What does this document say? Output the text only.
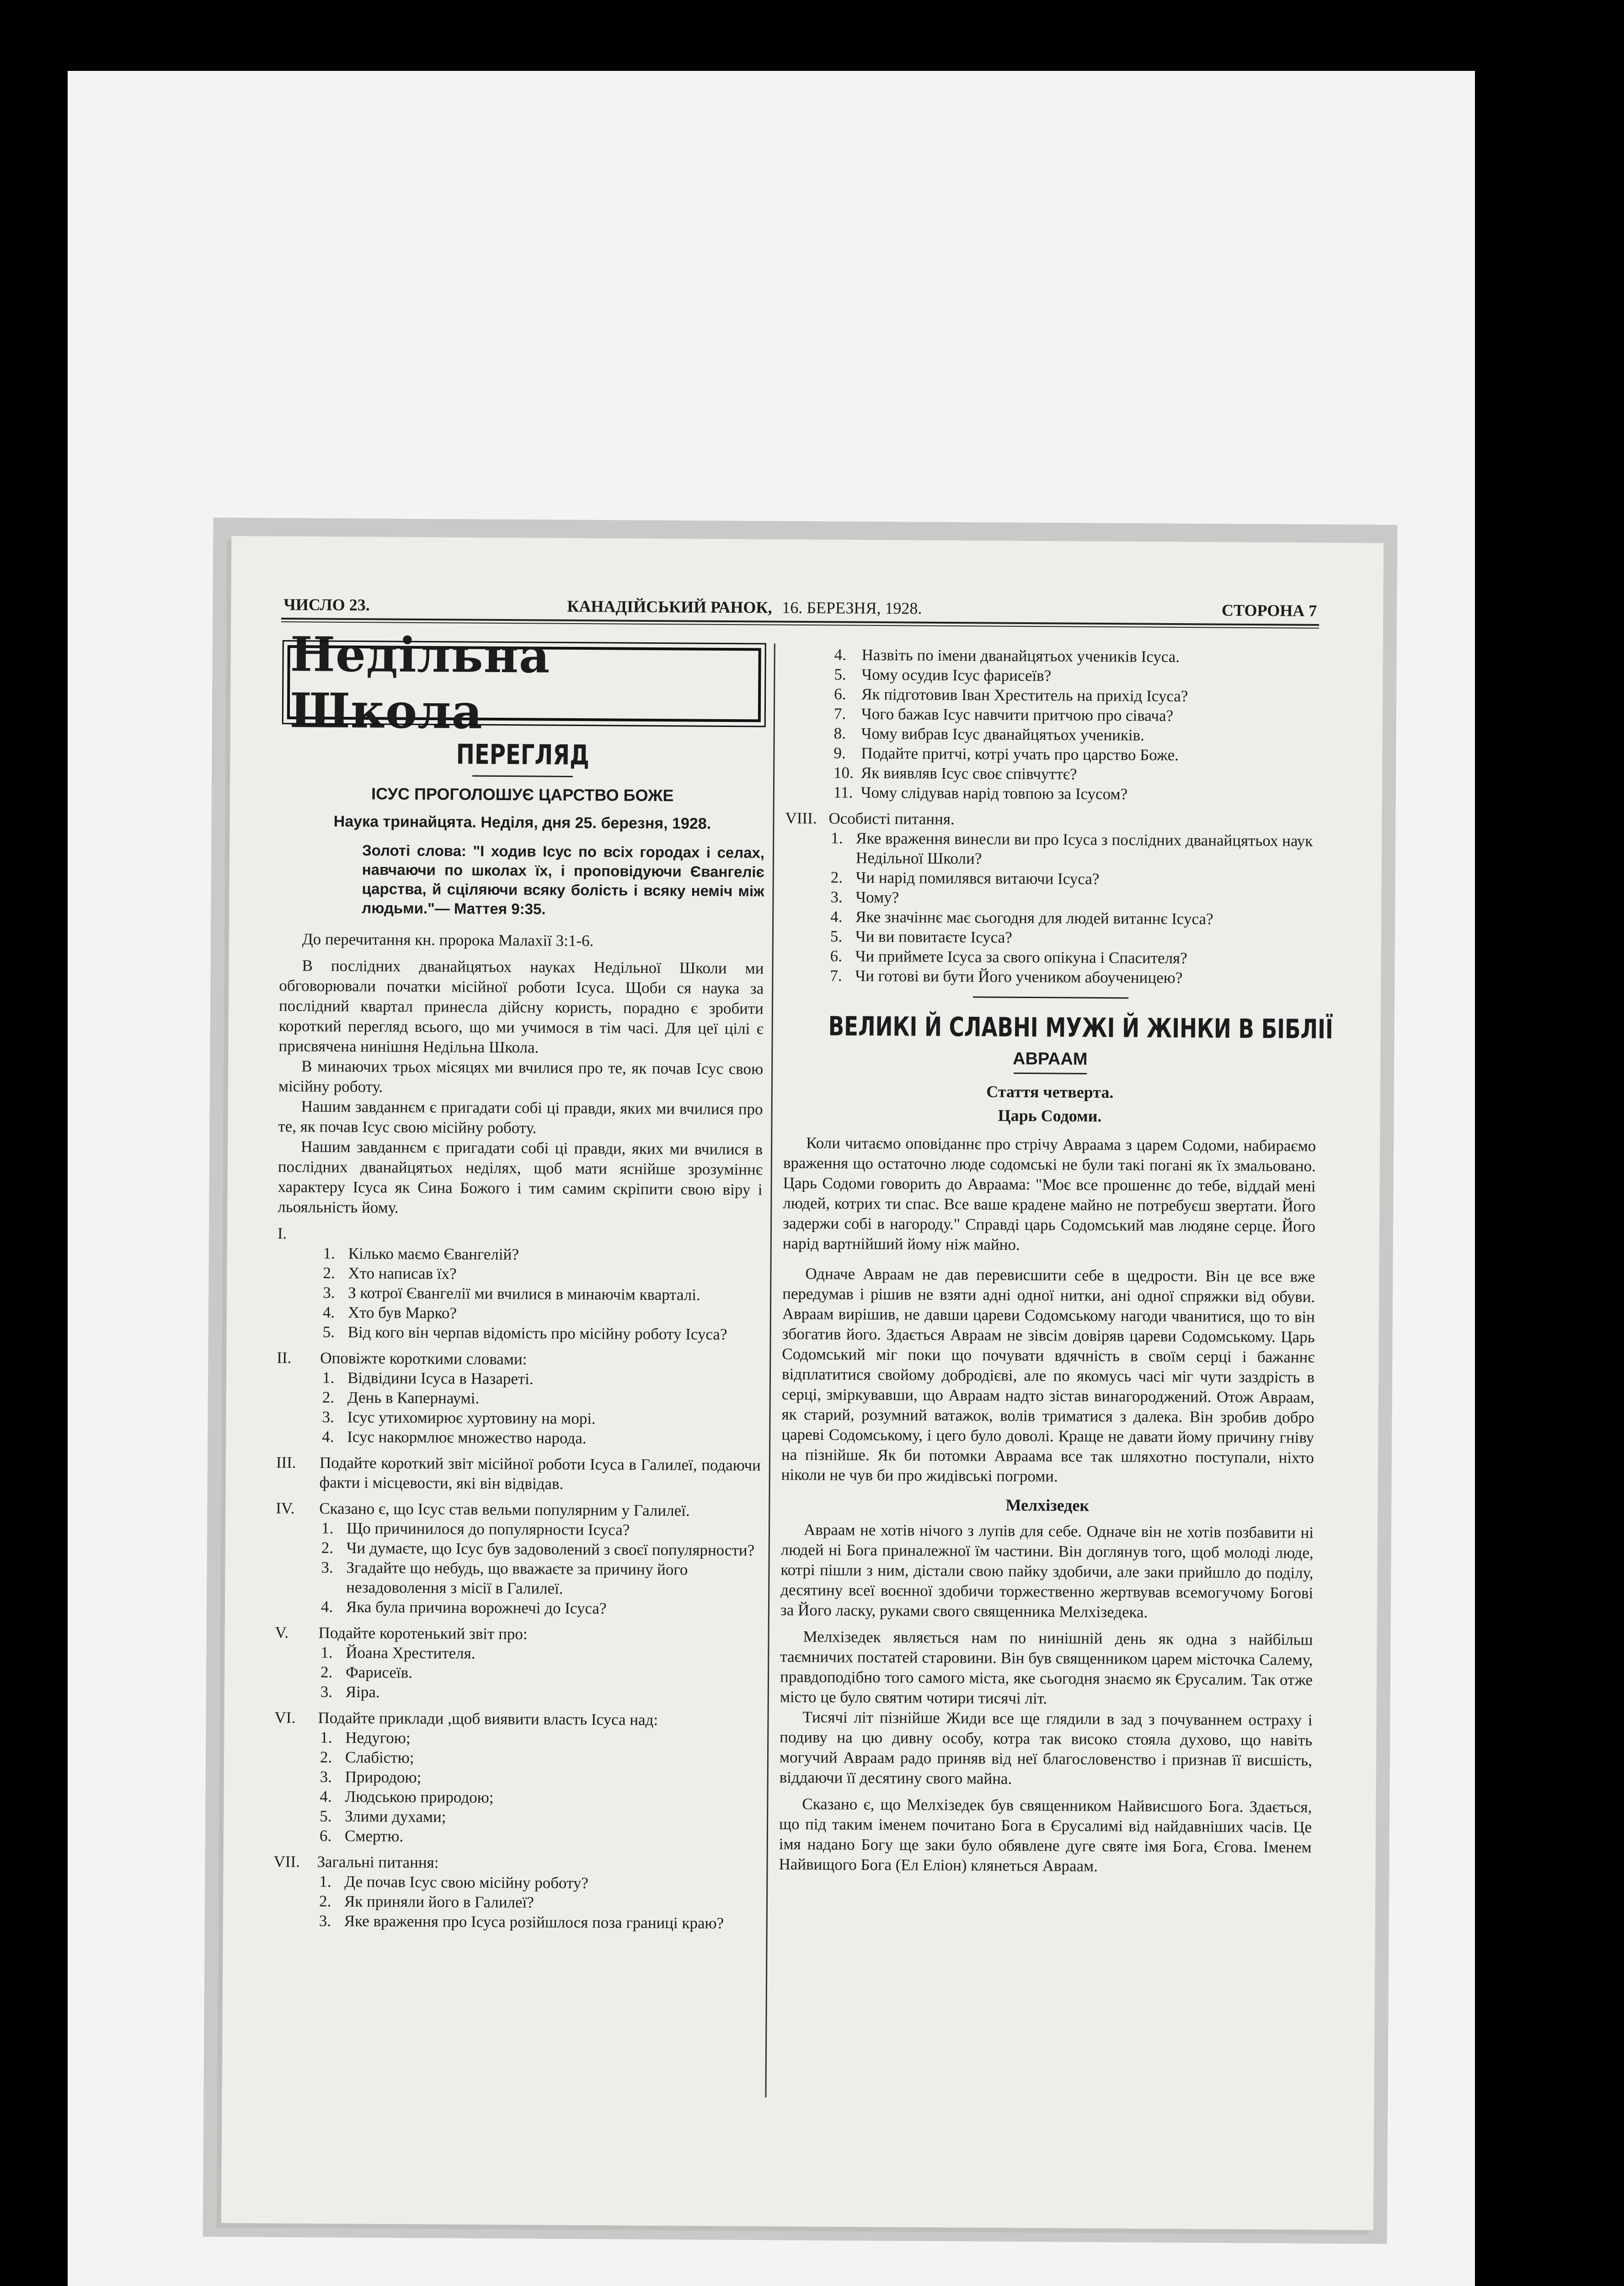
ЧИСЛО 23.	КАНАДІЙСЬКИЙ РАНОК, 16. БЕРЕЗНЯ, 1928.	СТОРОНА 7
Недільна Школа
ПЕРЕГЛЯД
ІСУС ПРОГОЛОШУЄ ЦАРСТВО БОЖЕ

Наука тринайцята. Неділя, дня 25. березня, 1928.

Золоті слова: "І ходив Ісус по всіх городах і селах, навчаючи по школах їх, і проповідуючи Євангеліє царства, й сціляючи всяку болість і всяку неміч між людьми."— Маттея 9:35.

До перечитання кн. пророка Малахії 3:1-6.

В послідних дванайцятьох науках Недільної Школи ми обговорювали початки місійної роботи Ісуса. Щоби ся наука за послідний квартал принесла дійсну користь, порадно є зробити короткий перегляд всього, що ми учимося в тім часі. Для цеї цілі є присвячена нинішня Недільна Школа.

В минаючих трьох місяцях ми вчилися про те, як почав Ісус свою місійну роботу.

Нашим завданнєм є пригадати собі ці правди, яких ми вчилися про те, як почав Ісус свою місійну роботу.

Нашим завданнєм є пригадати собі ці правди, яких ми вчилися в послідних дванайцятьох неділях, щоб мати яснійше зрозуміннє характеру Ісуса як Сина Божого і тим самим скріпити свою віру і льояльність йому.

I.
1. Кілько маємо Євангелій?
2. Хто написав їх?
3. З котрої Євангелії ми вчилися в минаючім кварталі.
4. Хто був Марко?
5. Від кого він черпав відомість про місійну роботу Ісуса?
II.	Оповіжте короткими словами:
1. Відвідини Ісуса в Назареті.
2. День в Капернаумі.
3. Ісус утихомирює хуртовину на морі.
4. Ісус накормлює множество народа.
III.	Подайте короткий звіт місійної роботи Ісуса в Галилеї, подаючи факти і місцевости, які він відвідав.
IV.	Сказано є, що Ісус став вельми популярним у Галилеї.
1. Що причинилося до популярности Ісуса?
2. Чи думаєте, що Ісус був задоволений з своєї популярности?
3. Згадайте що небудь, що вважаєте за причину його незадоволення з місії в Галилеї.
4. Яка була причина ворожнечі до Ісуса?
V.	Подайте коротенький звіт про:
1. Йоана Хрестителя.
2. Фарисеїв.
3. Яіра.
VI.	Подайте приклади ,щоб виявити власть Ісуса над:
1. Недугою;
2. Слабістю;
3. Природою;
4. Людською природою;
5. Злими духами;
6. Смертю.
VII.	Загальні питання:
1. Де почав Ісус свою місійну роботу?
2. Як приняли його в Галилеї?
3. Яке враження про Ісуса розійшлося поза границі краю?
4. Назвіть по імени дванайцятьох учеників Ісуса.
5. Чому осудив Ісус фарисеїв?
6. Як підготовив Іван Хреститель на прихід Ісуса?
7. Чого бажав Ісус навчити притчою про сівача?
8. Чому вибрав Ісус дванайцятьох учеників.
9. Подайте притчі, котрі учать про царство Боже.
10. Як виявляв Ісус своє співчуттє?
11. Чому слідував нарід товпою за Ісусом?
VIII. Особисті питання.
1. Яке враження винесли ви про Ісуса з послідних дванайцятьох наук Недільної Школи?
2. Чи нарід помилявся витаючи Ісуса?
3. Чому?
4. Яке значіннє має сьогодня для людей витаннє Ісуса?
5. Чи ви повитаєте Ісуса?
6. Чи приймете Ісуса за свого опікуна і Спасителя?
7. Чи готові ви бути Його учеником абоученицею?
ВЕЛИКІ Й СЛАВНІ МУЖІ Й ЖІНКИ В БІБЛІЇ
АВРААМ
Стаття четверта.
Царь Содоми.

Коли читаємо оповіданнє про стрічу Авраама з царем Содоми, набираємо враження що остаточно люде содомські не були такі погані як їх змальовано. Царь Содоми говорить до Авраама: "Моє все прошеннє до тебе, віддай мені людей, котрих ти спас. Все ваше крадене майно не потребуєш звертати. Його задержи собі в нагороду." Справді царь Содомський мав людяне серце. Його нарід вартнійший йому ніж майно.

Одначе Авраам не дав перевисшити себе в щедрости. Він це все вже передумав і рішив не взяти адні одної нитки, ані одної спряжки від обуви. Авраам вирішив, не давши цареви Содомському нагоди чванитися, що то він збогатив його. Здається Авраам не зівсім довіряв цареви Содомському. Царь Содомський міг поки що почувати вдячність в своїм серці і бажаннє відплатитися свойому добродієві, але по якомусь часі міг чути заздрість в серці, зміркувавши, що Авраам надто зістав винагороджений. Отож Авраам, як старий, розумний ватажок, волів триматися з далека. Він зробив добро цареві Содомському, і цего було доволі. Краще не давати йому причину гніву на пізнійше. Як би потомки Авраама все так шляхотно поступали, ніхто ніколи не чув би про жидівські погроми.

Мелхізедек

Авраам не хотів нічого з лупів для себе. Одначе він не хотів позбавити ні людей ні Бога приналежної їм частини. Він доглянув того, щоб молоді люде, котрі пішли з ним, дістали свою пайку здобичи, але заки прийшло до поділу, десятину всеї воєнної здобичи торжественно жертвував всемогучому Богові за Його ласку, руками свого священника Мелхізедека.

Мелхізедек являється нам по нинішній день як одна з найбільш таємничих постатей старовини. Він був священником царем місточка Салему, правдоподібно того самого міста, яке сьогодня знаємо як Єрусалим. Так отже місто це було святим чотири тисячі літ.

Тисячі літ пізнійше Жиди все ще глядили в зад з почуваннем остраху і подиву на цю дивну особу, котра так високо стояла духово, що навіть могучий Авраам радо приняв від неї благословенство і признав її висшість, віддаючи її десятину свого майна.

Сказано є, що Мелхізедек був священником Найвисшого Бога. Здається, що під таким іменем почитано Бога в Єрусалимі від найдавніших часів. Це імя надано Богу ще заки було обявлене дуге святе імя Бога, Єгова. Іменем Найвищого Бога (Ел Еліон) клянеться Авраам.
